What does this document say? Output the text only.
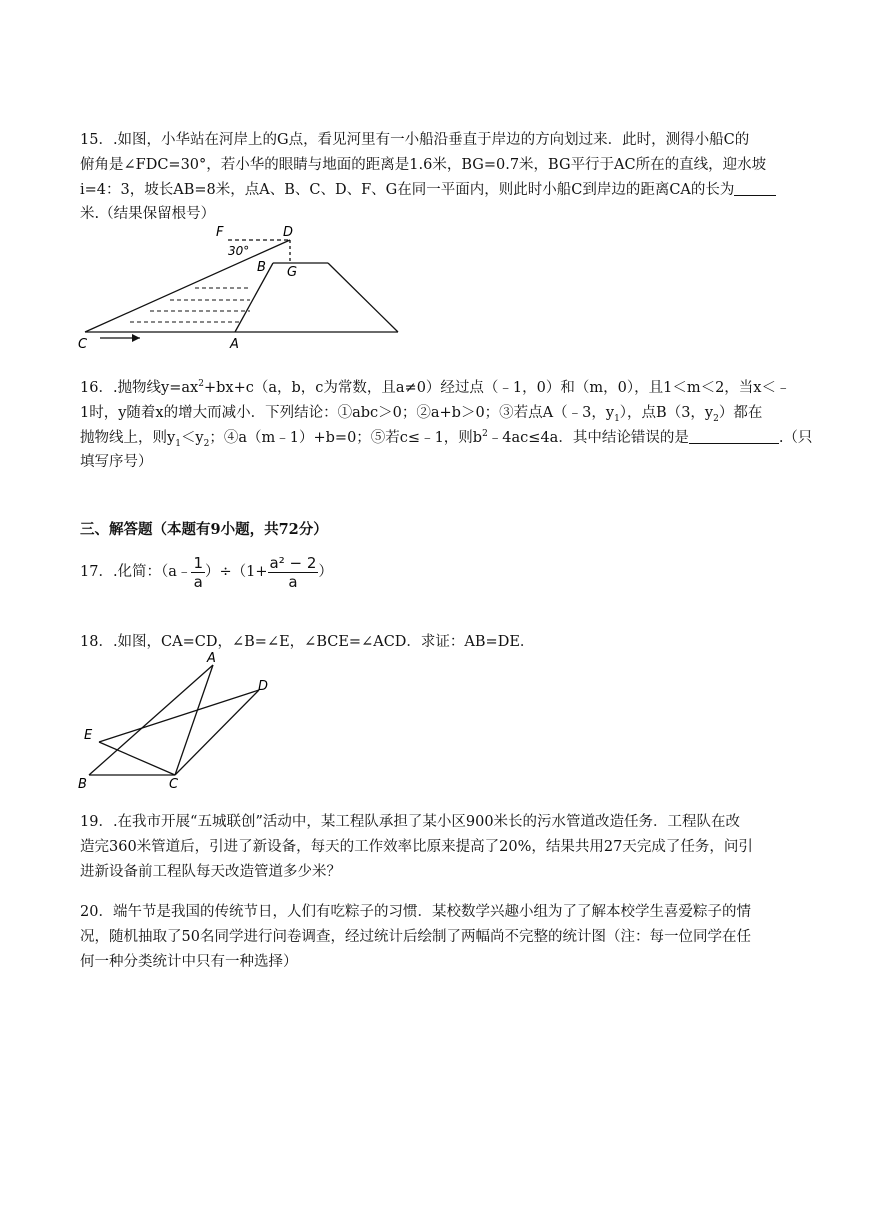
15．.如图，小华站在河岸上的G点，看见河里有一小船沿垂直于岸边的方向划过来．此时，测得小船C的
俯角是∠FDC=30°，若小华的眼睛与地面的距离是1.6米，BG=0.7米，BG平行于AC所在的直线，迎水坡
i=4：3，坡长AB=8米，点A、B、C、D、F、G在同一平面内，则此时小船C到岸边的距离CA的长为
米.（结果保留根号）
F	D
30°
B G
C	A
16．.抛物线$y=ax^2+bx+c(a$，b，c为常数，且a≠0）经过点（﹣1，0）和（m，0），且1＜m＜2，当x＜﹣
1时，y随着x的增大而减小．下列结论：①abc＞0；②a+b＞0；③若点A（﹣3，$y_1$），点B（3，$y_2$）都在
抛物线上，则$y_1<y_2$；④a（m﹣1）+b=0；⑤若c≤﹣1，则$b^2﹣4ac\le 4a$．其中结论错误的是	.（只
填写序号）
三、解答题（本题有9小题，共72分）
17．.化简：（a﹣ $\frac{1}{a} )\div(1+ \frac{\text{a² − 2}}{a}$ ）
18．.如图，CA=CD，∠B=∠E，∠BCE=∠ACD．求证：AB=DE．
A
D
E
B	C
19．.在我市开展“五城联创”活动中，某工程队承担了某小区900米长的污水管道改造任务．工程队在改
造完360米管道后，引进了新设备，每天的工作效率比原来提高了20%，结果共用27天完成了任务，问引
进新设备前工程队每天改造管道多少米？
20．端午节是我国的传统节日，人们有吃粽子的习惯．某校数学兴趣小组为了了解本校学生喜爱粽子的情
况，随机抽取了50名同学进行问卷调查，经过统计后绘制了两幅尚不完整的统计图（注：每一位同学在任
何一种分类统计中只有一种选择）
